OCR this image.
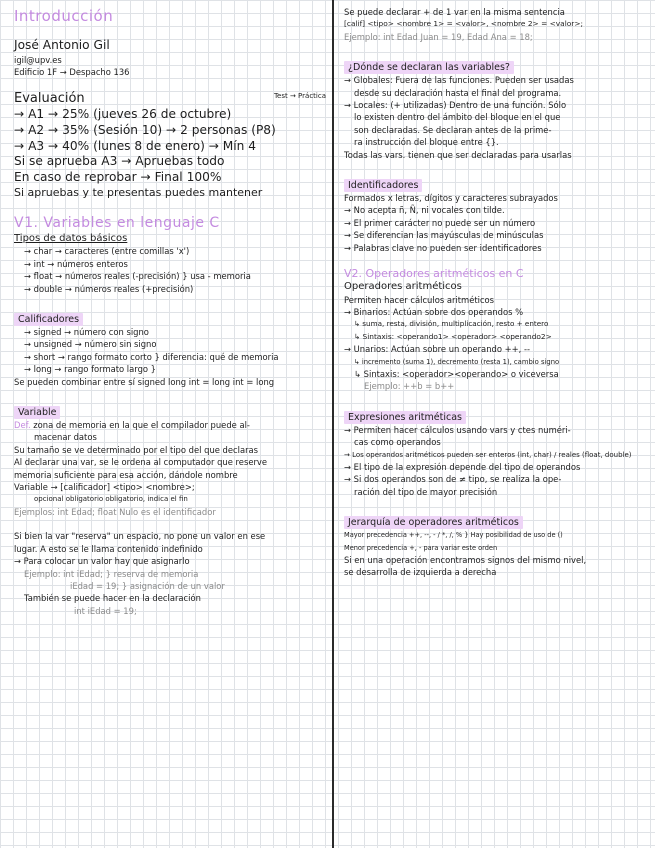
Introducción
José Antonio Gil
igil@upv.es
Edificio 1F → Despacho 136
Evaluación	Test → Práctica
→ A1 → 25% (jueves 26 de octubre)
→ A2 → 35% (Sesión 10) → 2 personas (P8)
→ A3 → 40% (lunes 8 de enero) → Mín 4
Si se aprueba A3 → Apruebas todo
En caso de reprobar → Final 100%
Si apruebas y te presentas puedes mantener
V1. Variables en lenguaje C
Tipos de datos básicos
→ char → caracteres (entre comillas 'x')
→ int → números enteros
→ float → números reales (-precisión) } usa - memoria
→ double → números reales (+precisión)
Calificadores
→ signed → número con signo
→ unsigned → número sin signo
→ short → rango formato corto } diferencia: qué de memoria
→ long → rango formato largo }
Se pueden combinar entre sí signed long int = long int = long
Variable
Def. zona de memoria en la que el compilador puede al-
macenar datos
Su tamaño se ve determinado por el tipo del que declaras
Al declarar una var, se le ordena al computador que reserve
memoria suficiente para esa acción, dándole nombre
Variable → [calificador] <tipo> <nombre>;
opcional obligatorio obligatorio, indica el fin
Ejemplos: int Edad; float Nulo es el identificador
Si bien la var "reserva" un espacio, no pone un valor en ese
lugar. A esto se le llama contenido indefinido
→ Para colocar un valor hay que asignarlo
Ejemplo: int iEdad; } reserva de memoria
iEdad = 19; } asignación de un valor
También se puede hacer en la declaración
int iEdad = 19;
Se puede declarar + de 1 var en la misma sentencia
[calif] <tipo> <nombre 1> = <valor>, <nombre 2> = <valor>;
Ejemplo: int Edad Juan = 19, Edad Ana = 18;
¿Dónde se declaran las variables?
→ Globales: Fuera de las funciones. Pueden ser usadas
desde su declaración hasta el final del programa.
→ Locales: (+ utilizadas) Dentro de una función. Sólo
lo existen dentro del ámbito del bloque en el que
son declaradas. Se declaran antes de la prime-
ra instrucción del bloque entre {}.
Todas las vars. tienen que ser declaradas para usarlas
Identificadores
Formados x letras, dígitos y caracteres subrayados
→ No acepta ñ, Ñ, ni vocales con tilde.
→ El primer carácter no puede ser un número
→ Se diferencian las mayúsculas de minúsculas
→ Palabras clave no pueden ser identificadores
V2. Operadores aritméticos en C
Operadores aritméticos
Permiten hacer cálculos aritméticos
→ Binarios: Actúan sobre dos operandos %
↳ suma, resta, división, multiplicación, resto + entero
↳ Sintaxis: <operando1> <operador> <operando2>
→ Unarios: Actúan sobre un operando ++, --
↳ incremento (suma 1), decremento (resta 1), cambio signo
↳ Sintaxis: <operador><operando> o viceversa
Ejemplo: ++b = b++
Expresiones aritméticas
→ Permiten hacer cálculos usando vars y ctes numéri-
cas como operandos
→ Los operandos aritméticos pueden ser enteros (int, char) / reales (float, double)
→ El tipo de la expresión depende del tipo de operandos
→ Si dos operandos son de ≠ tipo, se realiza la ope-
ración del tipo de mayor precisión
Jerarquía de operadores aritméticos
Mayor precedencia ++, --, - / *, /, % } Hay posibilidad de uso de ()
Menor precedencia +, - para variar este orden
Si en una operación encontramos signos del mismo nivel,
se desarrolla de izquierda a derecha
